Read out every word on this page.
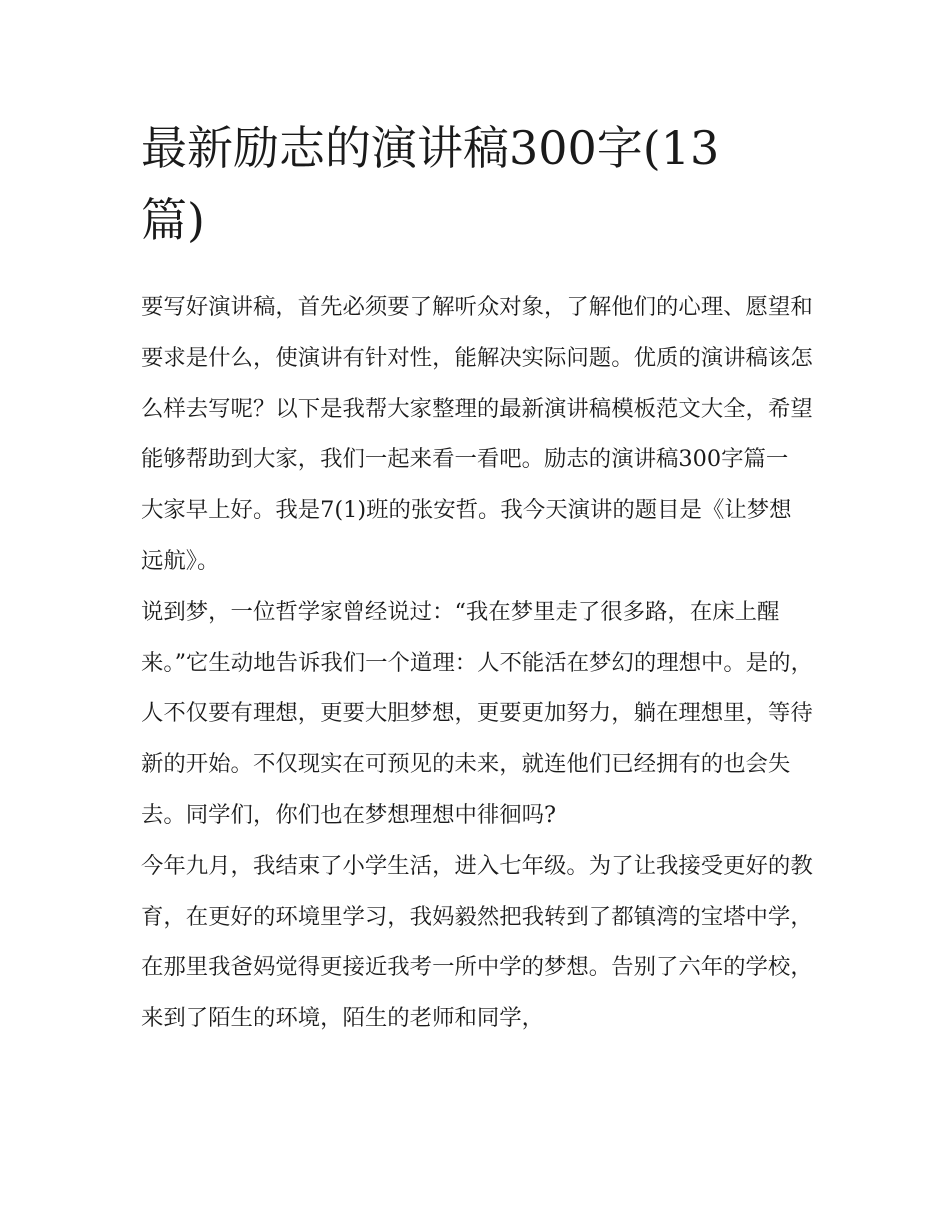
最新励志的演讲稿300字(13
篇)

要写好演讲稿，首先必须要了解听众对象，了解他们的心理、愿望和要求是什么，使演讲有针对性，能解决实际问题。优质的演讲稿该怎么样去写呢？以下是我帮大家整理的最新演讲稿模板范文大全，希望能够帮助到大家，我们一起来看一看吧。励志的演讲稿300字篇一 大家早上好。我是7(1)班的张安哲。我今天演讲的题目是《让梦想远航》。

说到梦，一位哲学家曾经说过：“我在梦里走了很多路，在床上醒来。”它生动地告诉我们一个道理：人不能活在梦幻的理想中。是的，人不仅要有理想，更要大胆梦想，更要更加努力，躺在理想里，等待新的开始。不仅现实在可预见的未来，就连他们已经拥有的也会失去。同学们，你们也在梦想理想中徘徊吗?

今年九月，我结束了小学生活，进入七年级。为了让我接受更好的教育，在更好的环境里学习，我妈毅然把我转到了都镇湾的宝塔中学，在那里我爸妈觉得更接近我考一所中学的梦想。告别了六年的学校，来到了陌生的环境，陌生的老师和同学，
